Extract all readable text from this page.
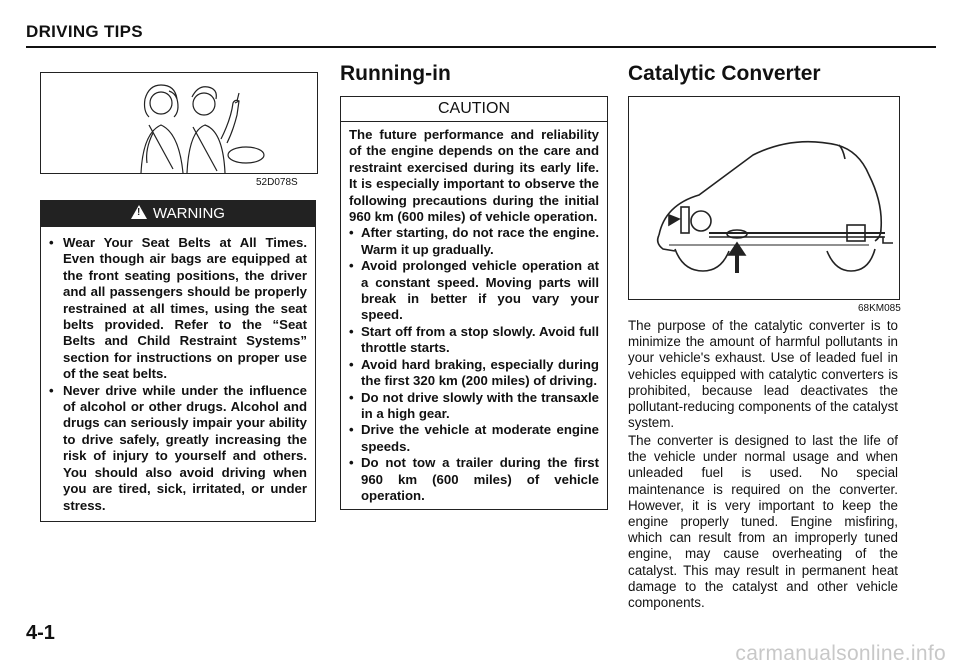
DRIVING TIPS
52D078S
! WARNING
• Wear Your Seat Belts at All Times. Even though air bags are equipped at the front seating positions, the driver and all passengers should be properly restrained at all times, using the seat belts provided. Refer to the “Seat Belts and Child Restraint Systems” section for instructions on proper use of the seat belts.
• Never drive while under the influence of alcohol or other drugs. Alcohol and drugs can seriously impair your ability to drive safely, greatly increasing the risk of injury to yourself and others. You should also avoid driving when you are tired, sick, irritated, or under stress.
4-1
Running-in
CAUTION

The future performance and reliability of the engine depends on the care and restraint exercised during its early life. It is especially important to observe the following precautions during the initial 960 km (600 miles) of vehicle operation.

• After starting, do not race the engine. Warm it up gradually.
• Avoid prolonged vehicle operation at a constant speed. Moving parts will break in better if you vary your speed.
• Start off from a stop slowly. Avoid full throttle starts.
• Avoid hard braking, especially during the first 320 km (200 miles) of driving.
• Do not drive slowly with the transaxle in a high gear.
• Drive the vehicle at moderate engine speeds.
• Do not tow a trailer during the first 960 km (600 miles) of vehicle operation.
Catalytic Converter
68KM085
The purpose of the catalytic converter is to minimize the amount of harmful pollutants in your vehicle's exhaust. Use of leaded fuel in vehicles equipped with catalytic converters is prohibited, because lead deactivates the pollutant-reducing components of the catalyst system.
The converter is designed to last the life of the vehicle under normal usage and when unleaded fuel is used. No special maintenance is required on the converter. However, it is very important to keep the engine properly tuned. Engine misfiring, which can result from an improperly tuned engine, may cause overheating of the catalyst. This may result in permanent heat damage to the catalyst and other vehicle components.
carmanualsonline.info
